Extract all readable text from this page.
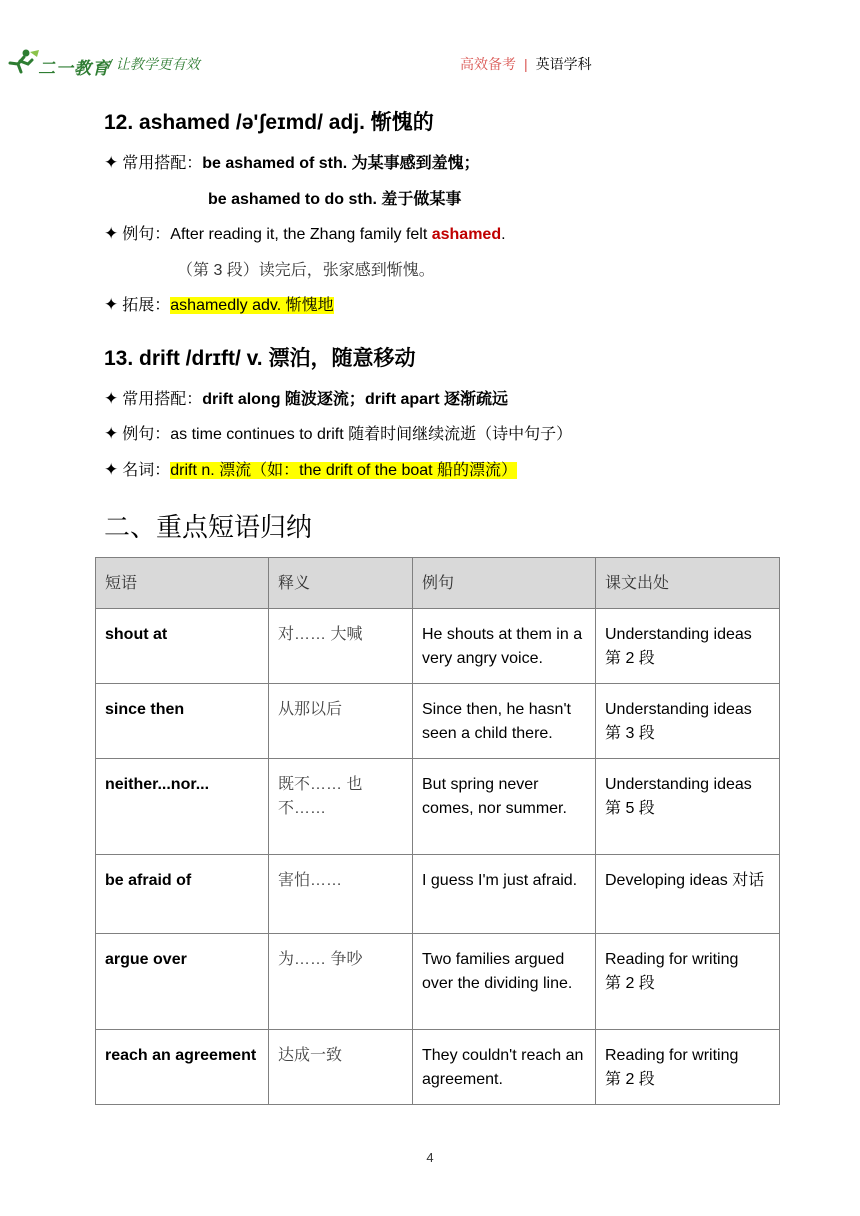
二一教育
/ 让教学更有效	高效备考 | 英语学科
12. ashamed /ə'ʃeɪmd/ adj. 惭愧的
✦ 常用搭配：be ashamed of sth. 为某事感到羞愧；
be ashamed to do sth. 羞于做某事
✦ 例句：After reading it, the Zhang family felt ashamed.
（第 3 段）读完后，张家感到惭愧。
✦ 拓展：ashamedly adv. 惭愧地
13. drift /drɪft/ v. 漂泊，随意移动
✦ 常用搭配：drift along 随波逐流；drift apart 逐渐疏远
✦ 例句：as time continues to drift 随着时间继续流逝（诗中句子）
✦ 名词：drift n. 漂流（如：the drift of the boat 船的漂流）
二、重点短语归纳
短语	释义	例句	课文出处
shout at	对…… 大喊	He shouts at them in a very angry voice.	Understanding ideas
第 2 段

since then	从那以后	Since then, he hasn't seen a child there.	Understanding ideas
第 3 段

neither...nor...	既不…… 也不……	But spring never comes, nor summer.	Understanding ideas
第 5 段

be afraid of	害怕……	I guess I'm just afraid.	Developing ideas 对话

argue over	为…… 争吵	Two families argued over the dividing line.	Reading for writing
第 2 段

reach an agreement	达成一致	They couldn't reach an agreement.	Reading for writing
第 2 段
4
